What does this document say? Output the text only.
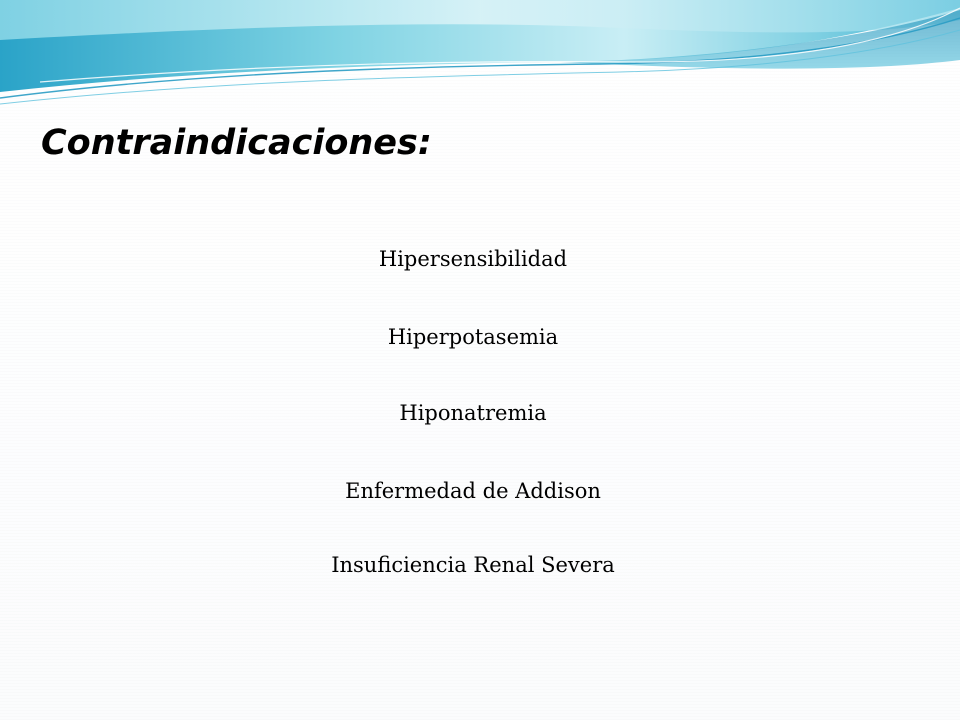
Contraindicaciones:
Hipersensibilidad
Hiperpotasemia
Hiponatremia
Enfermedad de Addison
Insuficiencia Renal Severa
